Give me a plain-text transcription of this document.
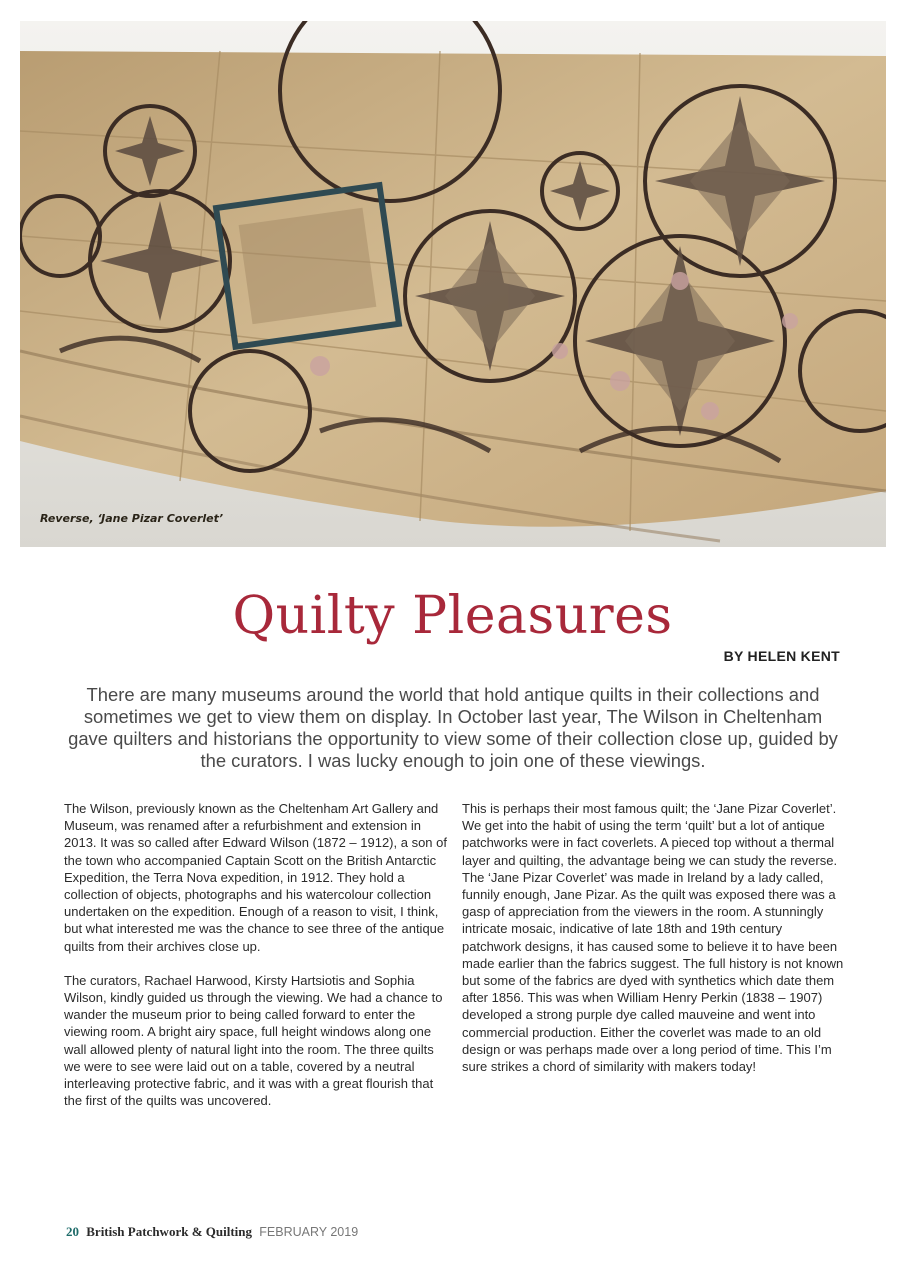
Reverse, ‘Jane Pizar Coverlet’
Quilty Pleasures
BY HELEN KENT
There are many museums around the world that hold antique quilts in their collections and sometimes we get to view them on display. In October last year, The Wilson in Cheltenham gave quilters and historians the opportunity to view some of their collection close up, guided by the curators. I was lucky enough to join one of these viewings.

The Wilson, previously known as the Cheltenham Art Gallery and Museum, was renamed after a refurbishment and extension in 2013. It was so called after Edward Wilson (1872 – 1912), a son of the town who accompanied Captain Scott on the British Antarctic Expedition, the Terra Nova expedition, in 1912. They hold a collection of objects, photographs and his watercolour collection undertaken on the expedition. Enough of a reason to visit, I think, but what interested me was the chance to see three of the antique quilts from their archives close up.

The curators, Rachael Harwood, Kirsty Hartsiotis and Sophia Wilson, kindly guided us through the viewing. We had a chance to wander the museum prior to being called forward to enter the viewing room. A bright airy space, full height windows along one wall allowed plenty of natural light into the room. The three quilts we were to see were laid out on a table, covered by a neutral interleaving protective fabric, and it was with a great flourish that the first of the quilts was uncovered.

This is perhaps their most famous quilt; the ‘Jane Pizar Coverlet’. We get into the habit of using the term ‘quilt’ but a lot of antique patchworks were in fact coverlets. A pieced top without a thermal layer and quilting, the advantage being we can study the reverse. The ‘Jane Pizar Coverlet’ was made in Ireland by a lady called, funnily enough, Jane Pizar. As the quilt was exposed there was a gasp of appreciation from the viewers in the room. A stunningly intricate mosaic, indicative of late 18th and 19th century patchwork designs, it has caused some to believe it to have been made earlier than the fabrics suggest. The full history is not known but some of the fabrics are dyed with synthetics which date them after 1856. This was when William Henry Perkin (1838 – 1907) developed a strong purple dye called mauveine and went into commercial production. Either the coverlet was made to an old design or was perhaps made over a long period of time. This I’m sure strikes a chord of similarity with makers today!

20 British Patchwork & Quilting FEBRUARY 2019
